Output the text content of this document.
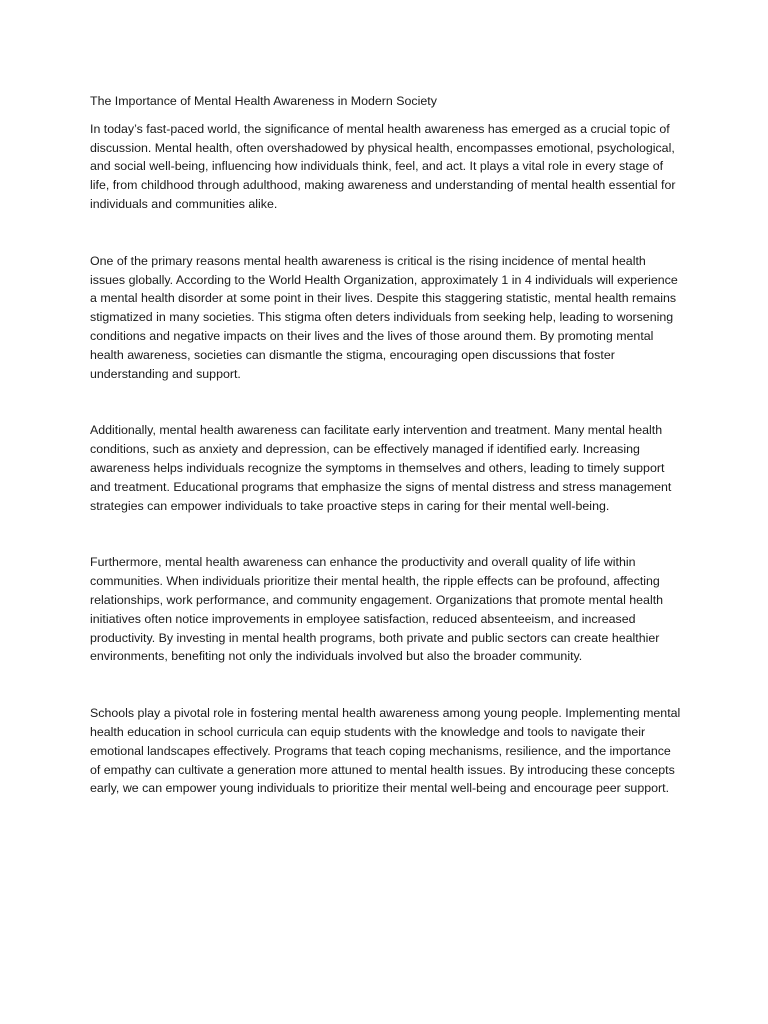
The Importance of Mental Health Awareness in Modern Society

In today’s fast-paced world, the significance of mental health awareness has emerged as a crucial topic of discussion. Mental health, often overshadowed by physical health, encompasses emotional, psychological, and social well-being, influencing how individuals think, feel, and act. It plays a vital role in every stage of life, from childhood through adulthood, making awareness and understanding of mental health essential for individuals and communities alike.

One of the primary reasons mental health awareness is critical is the rising incidence of mental health issues globally. According to the World Health Organization, approximately 1 in 4 individuals will experience a mental health disorder at some point in their lives. Despite this staggering statistic, mental health remains stigmatized in many societies. This stigma often deters individuals from seeking help, leading to worsening conditions and negative impacts on their lives and the lives of those around them. By promoting mental health awareness, societies can dismantle the stigma, encouraging open discussions that foster understanding and support.

Additionally, mental health awareness can facilitate early intervention and treatment. Many mental health conditions, such as anxiety and depression, can be effectively managed if identified early. Increasing awareness helps individuals recognize the symptoms in themselves and others, leading to timely support and treatment. Educational programs that emphasize the signs of mental distress and stress management strategies can empower individuals to take proactive steps in caring for their mental well-being.

Furthermore, mental health awareness can enhance the productivity and overall quality of life within communities. When individuals prioritize their mental health, the ripple effects can be profound, affecting relationships, work performance, and community engagement. Organizations that promote mental health initiatives often notice improvements in employee satisfaction, reduced absenteeism, and increased productivity. By investing in mental health programs, both private and public sectors can create healthier environments, benefiting not only the individuals involved but also the broader community.

Schools play a pivotal role in fostering mental health awareness among young people. Implementing mental health education in school curricula can equip students with the knowledge and tools to navigate their emotional landscapes effectively. Programs that teach coping mechanisms, resilience, and the importance of empathy can cultivate a generation more attuned to mental health issues. By introducing these concepts early, we can empower young individuals to prioritize their mental well-being and encourage peer support.
